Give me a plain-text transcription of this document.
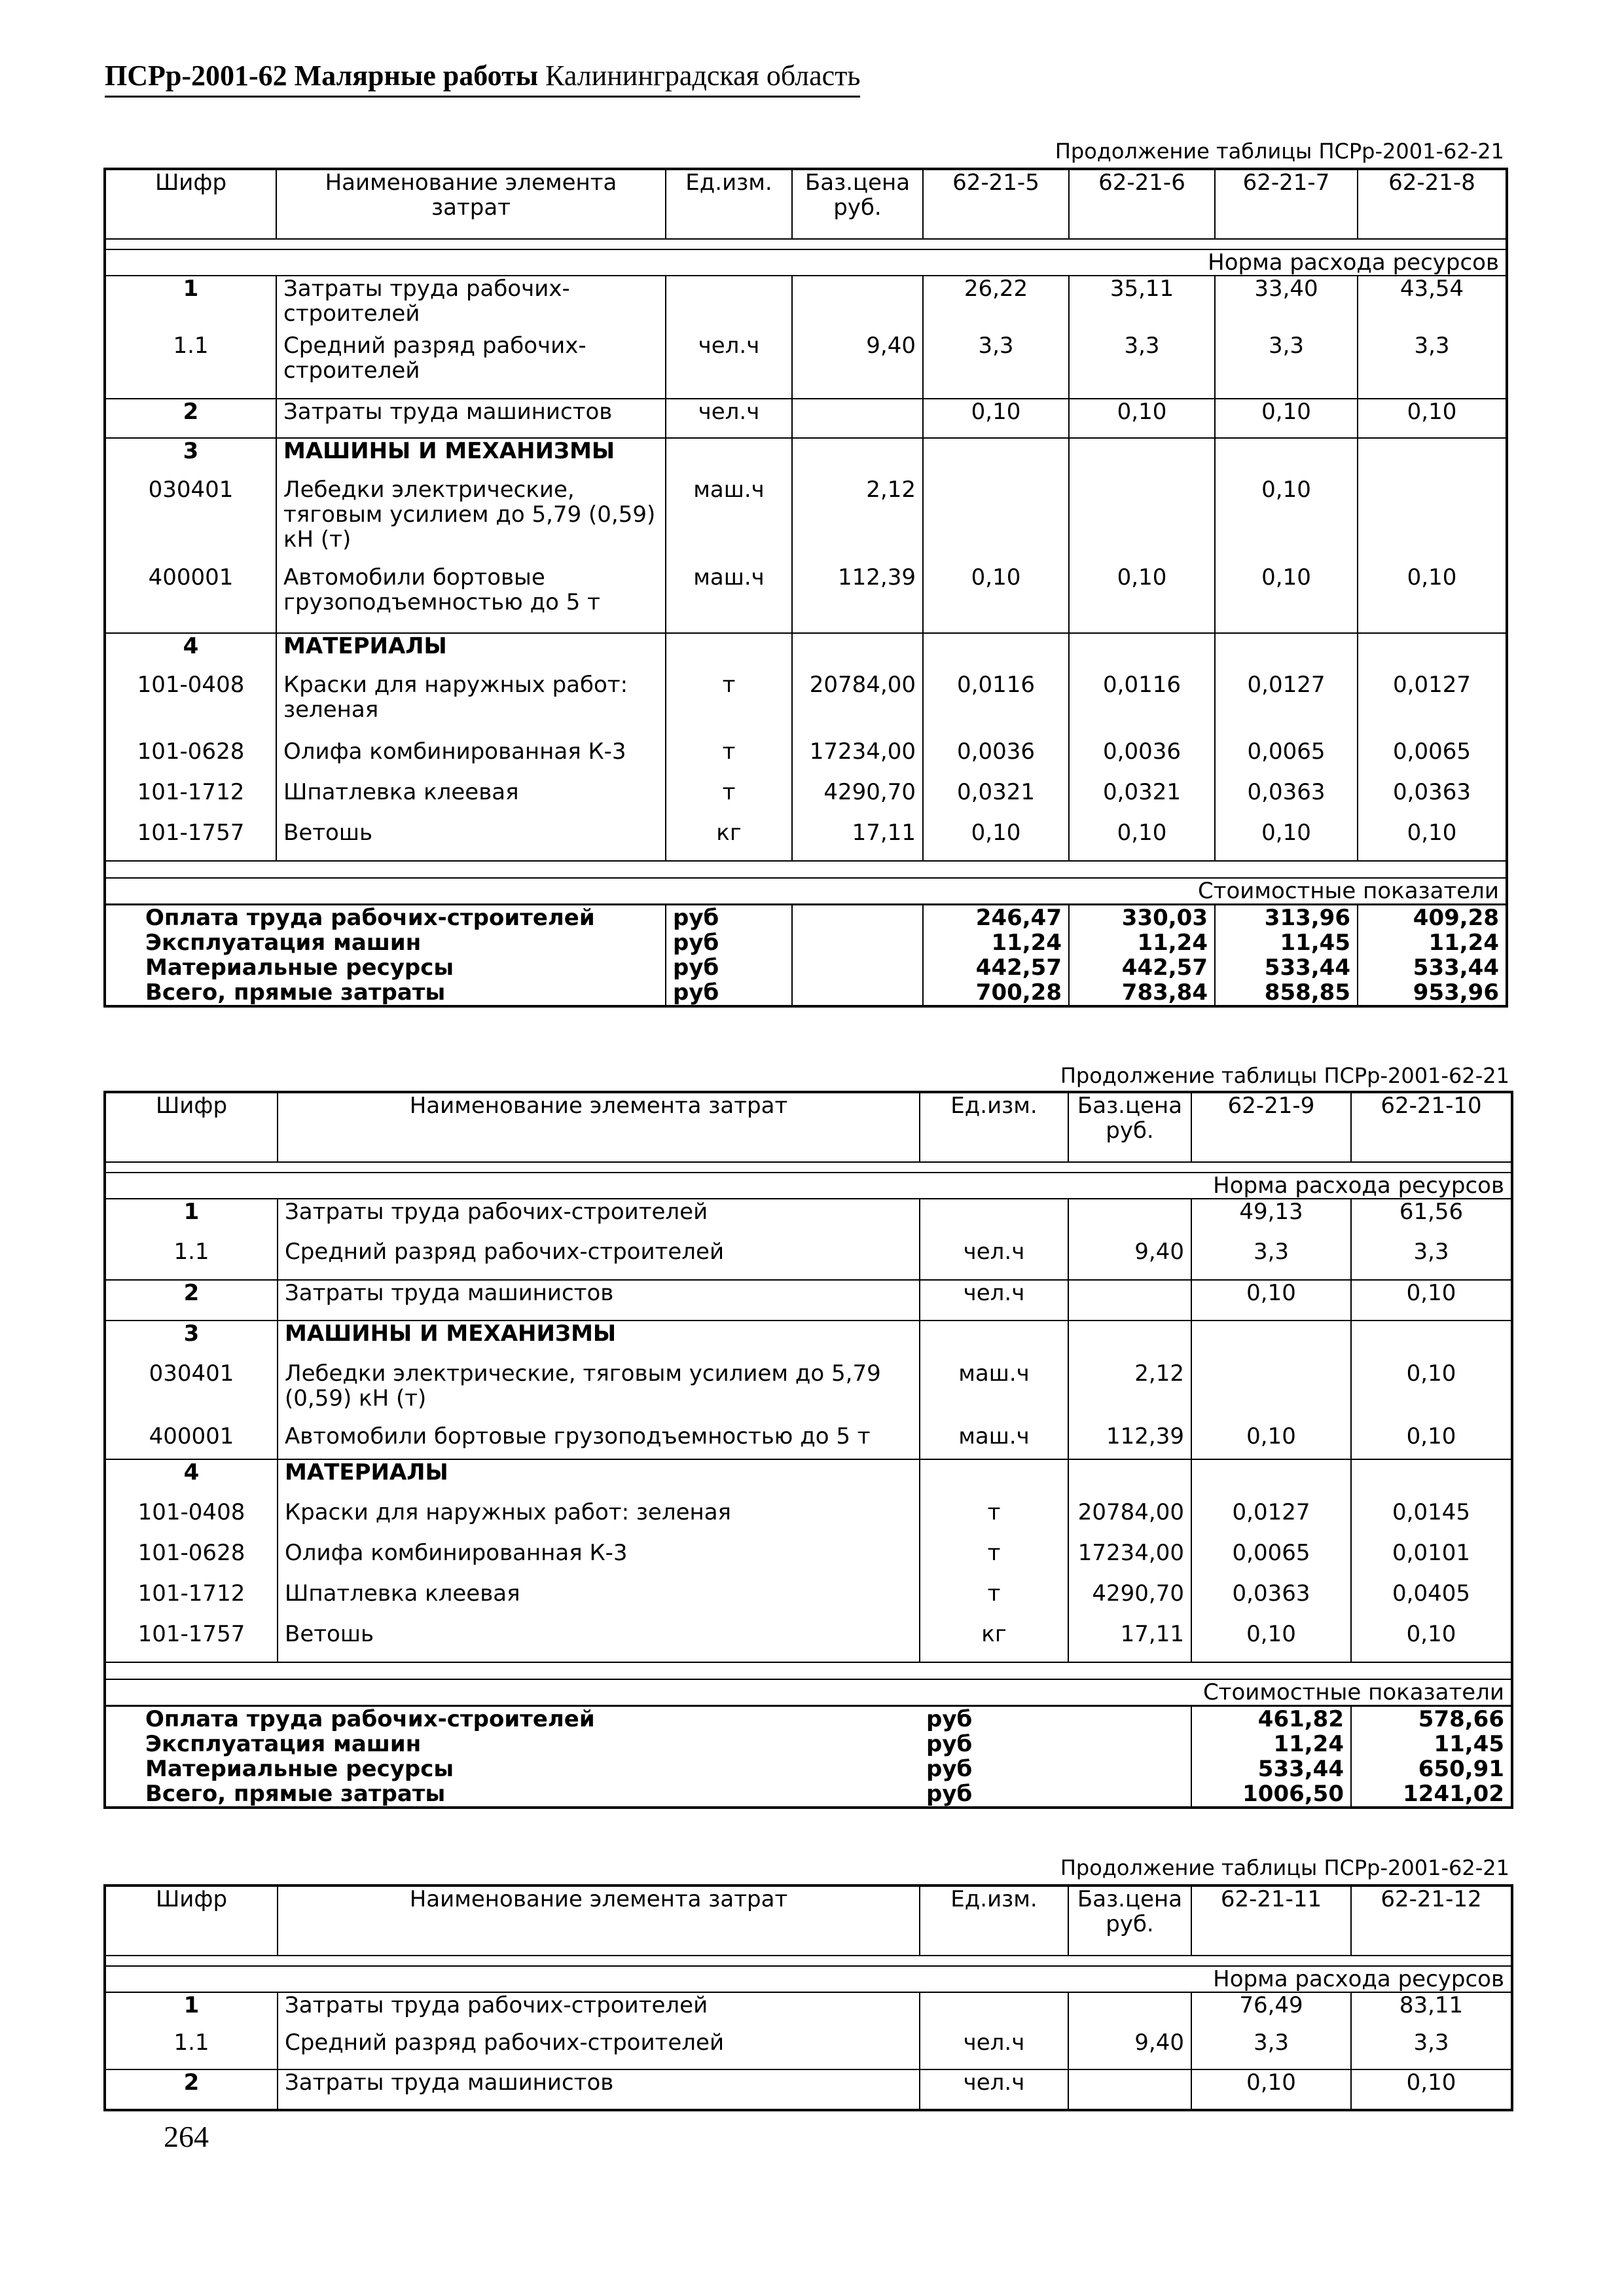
ПСРр-2001-62 Малярные работы Калининградская область
Продолжение таблицы ПСРр-2001-62-21
Шифр	Наименование элемента затрат	Ед.изм.	Баз.цена руб.	62-21-5	62-21-6	62-21-7	62-21-8

Норма расхода ресурсов							
1	Затраты труда рабочих-строителей			26,22	35,11	33,40	43,54
1.1	Средний разряд рабочих-строителей	чел.ч	9,40	3,3	3,3	3,3	3,3
2	Затраты труда машинистов	чел.ч		0,10	0,10	0,10	0,10
3	МАШИНЫ И МЕХАНИЗМЫ						
030401	Лебедки электрические, тяговым усилием до 5,79 (0,59) кН (т)	маш.ч	2,12			0,10	
400001	Автомобили бортовые грузоподъемностью до 5 т	маш.ч	112,39	0,10	0,10	0,10	0,10
4	МАТЕРИАЛЫ						
101-0408	Краски для наружных работ: зеленая	т	20784,00	0,0116	0,0116	0,0127	0,0127
101-0628	Олифа комбинированная К-3	т	17234,00	0,0036	0,0036	0,0065	0,0065
101-1712	Шпатлевка клеевая	т	4290,70	0,0321	0,0321	0,0363	0,0363
101-1757	Ветошь	кг	17,11	0,10	0,10	0,10	0,10

Стоимостные показатели							
Оплата труда рабочих-строителей		руб		246,47	330,03	313,96	409,28
Эксплуатация машин		руб		11,24	11,24	11,45	11,24
Материальные ресурсы		руб		442,57	442,57	533,44	533,44
Всего, прямые затраты		руб		700,28	783,84	858,85	953,96
Продолжение таблицы ПСРр-2001-62-21
Шифр	Наименование элемента затрат	Ед.изм.	Баз.цена руб.	62-21-9	62-21-10

Норма расхода ресурсов					
1	Затраты труда рабочих-строителей			49,13	61,56
1.1	Средний разряд рабочих-строителей	чел.ч	9,40	3,3	3,3
2	Затраты труда машинистов	чел.ч		0,10	0,10
3	МАШИНЫ И МЕХАНИЗМЫ				
030401	Лебедки электрические, тяговым усилием до 5,79 (0,59) кН (т)	маш.ч	2,12		0,10
400001	Автомобили бортовые грузоподъемностью до 5 т	маш.ч	112,39	0,10	0,10
4	МАТЕРИАЛЫ				
101-0408	Краски для наружных работ: зеленая	т	20784,00	0,0127	0,0145
101-0628	Олифа комбинированная К-3	т	17234,00	0,0065	0,0101
101-1712	Шпатлевка клеевая	т	4290,70	0,0363	0,0405
101-1757	Ветошь	кг	17,11	0,10	0,10

Стоимостные показатели					
Оплата труда рабочих-строителей		руб		461,82	578,66
Эксплуатация машин		руб		11,24	11,45
Материальные ресурсы		руб		533,44	650,91
Всего, прямые затраты		руб		1006,50	1241,02
Продолжение таблицы ПСРр-2001-62-21
Шифр	Наименование элемента затрат	Ед.изм.	Баз.цена руб.	62-21-11	62-21-12

Норма расхода ресурсов					
1	Затраты труда рабочих-строителей			76,49	83,11
1.1	Средний разряд рабочих-строителей	чел.ч	9,40	3,3	3,3
2	Затраты труда машинистов	чел.ч		0,10	0,10
264
